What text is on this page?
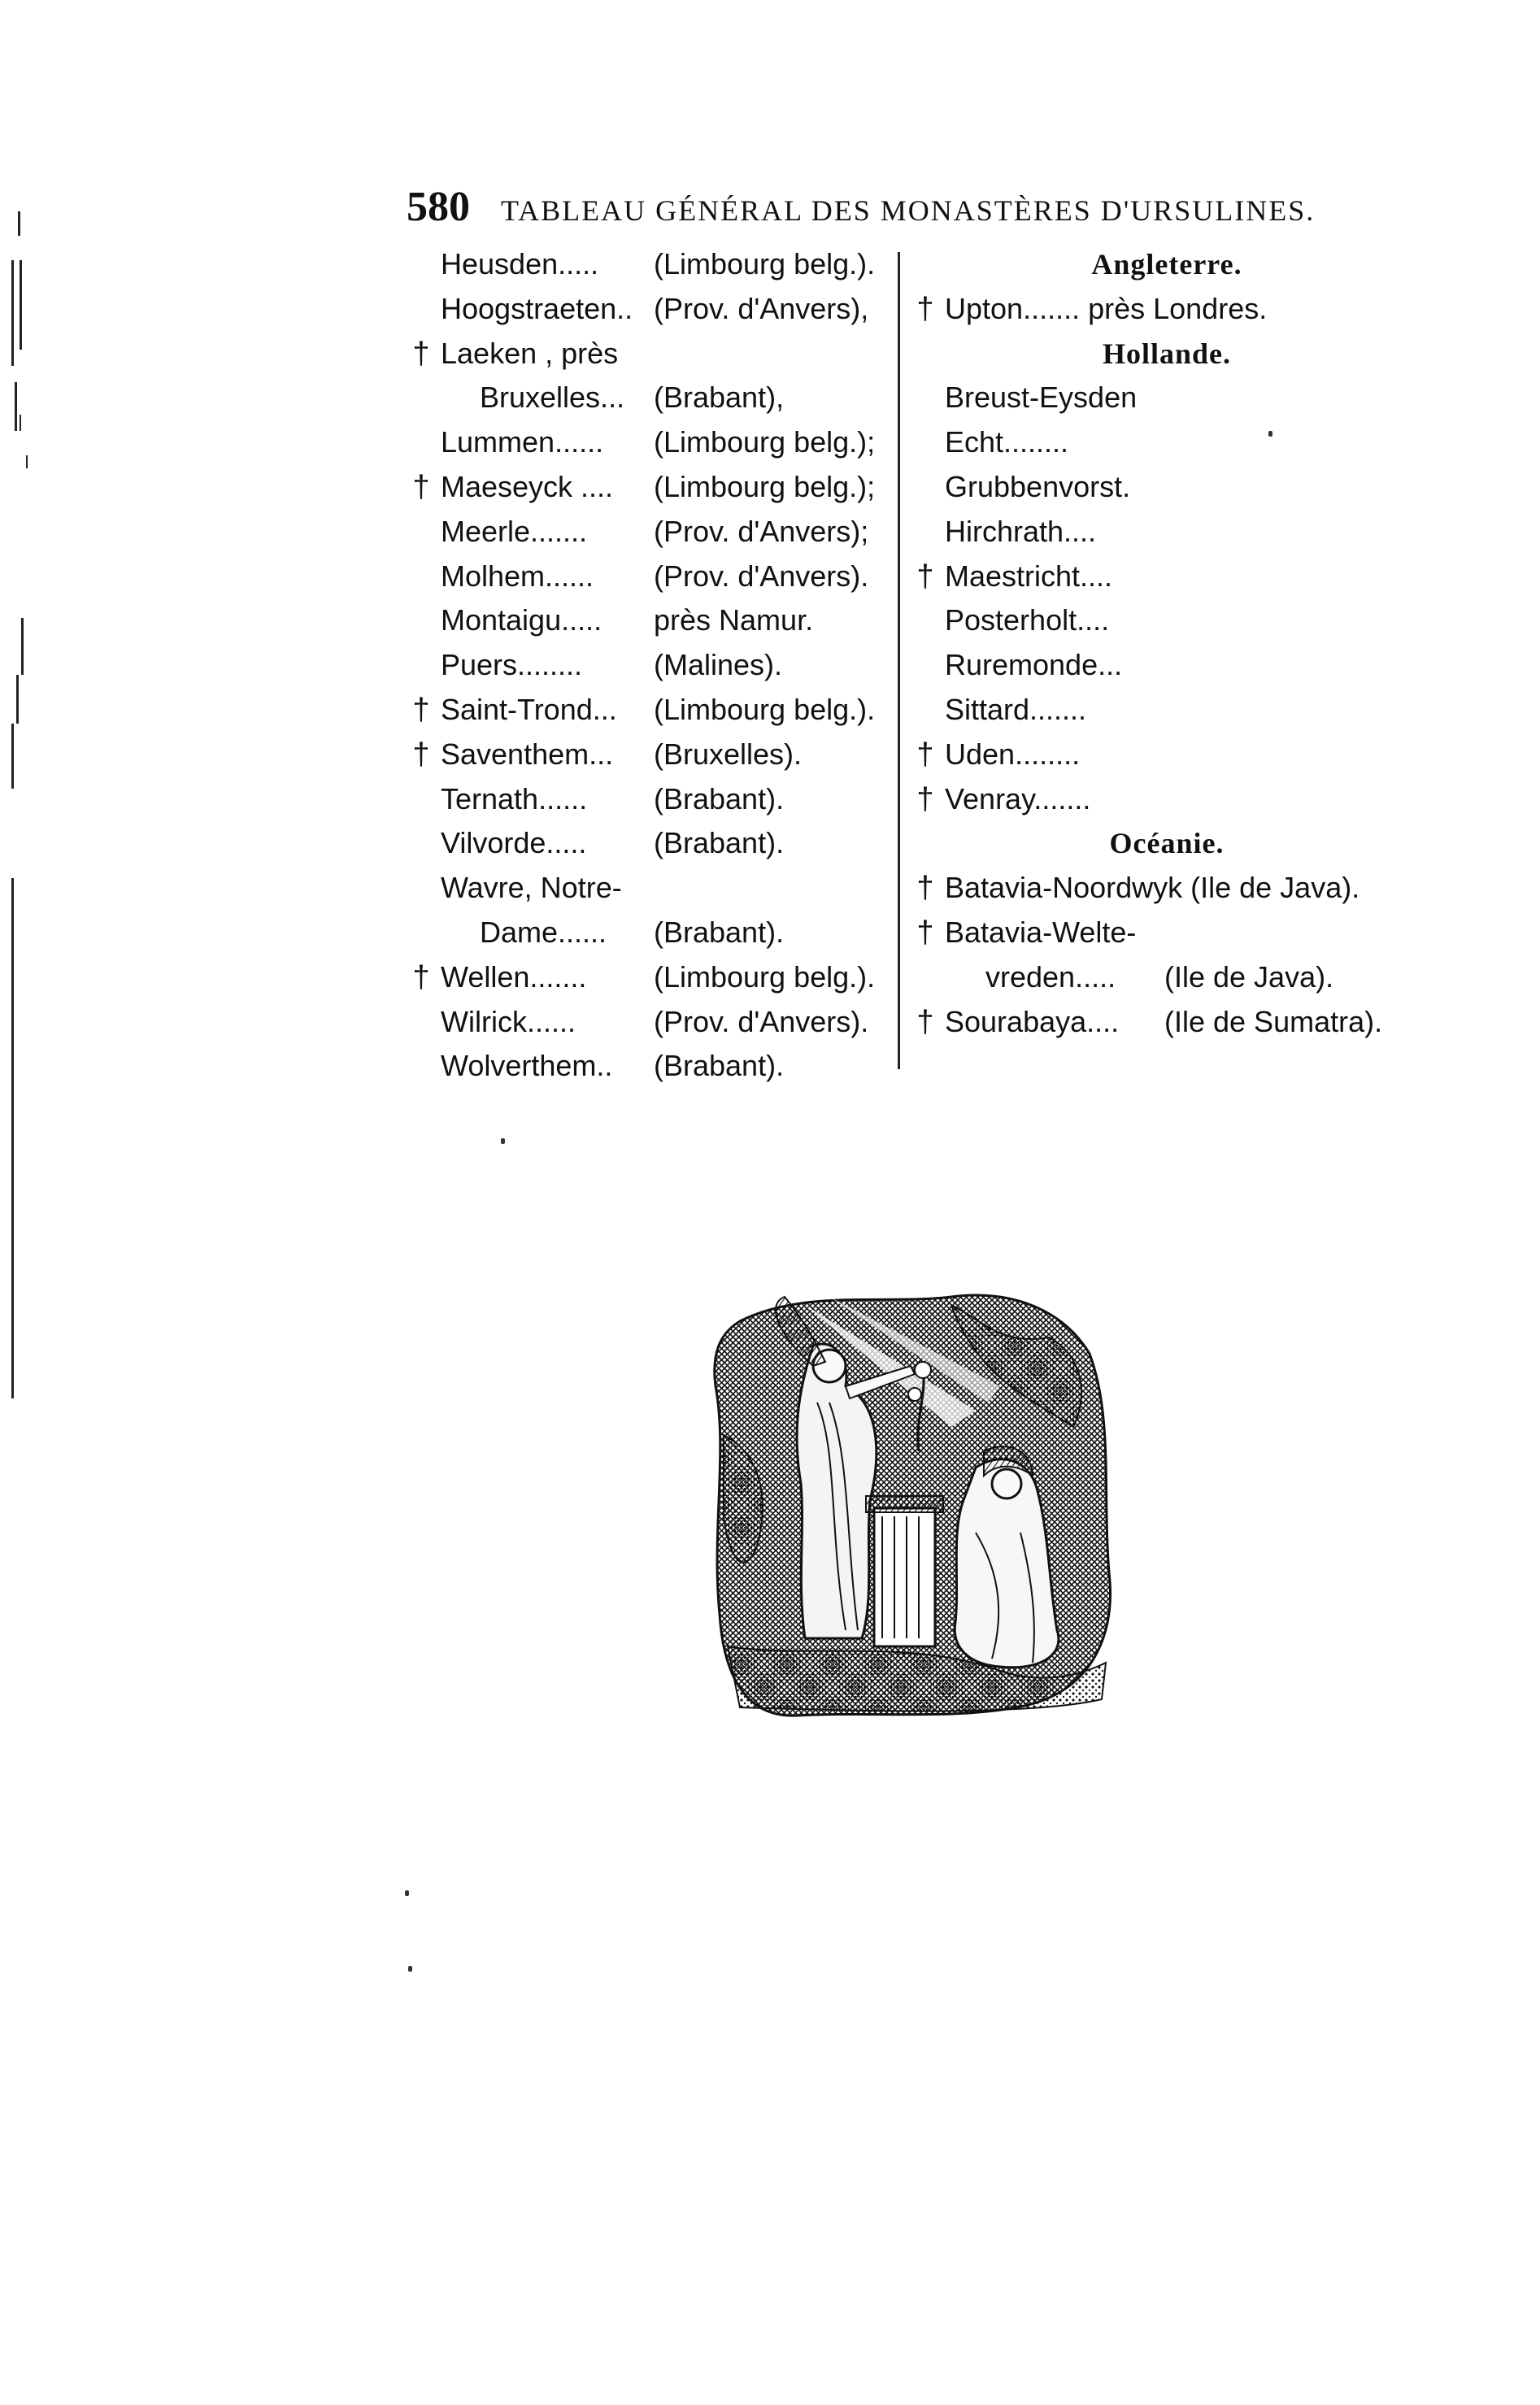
580 TABLEAU GÉNÉRAL DES MONASTÈRES D'URSULINES.
Heusden..... (Limbourg belg.).
Hoogstraeten.. (Prov. d'Anvers),
† Laeken , près
Bruxelles... (Brabant),
Lummen...... (Limbourg belg.);
† Maeseyck .... (Limbourg belg.);
Meerle....... (Prov. d'Anvers);
Molhem...... (Prov. d'Anvers).
Montaigu..... près Namur.
Puers........ (Malines).
† Saint-Trond... (Limbourg belg.).
† Saventhem... (Bruxelles).
Ternath...... (Brabant).
Vilvorde..... (Brabant).
Wavre, Notre-
Dame...... (Brabant).
† Wellen....... (Limbourg belg.).
Wilrick......	(Prov. d'Anvers).
Wolverthem.. (Brabant).
Angleterre.
† Upton....... près Londres.
Hollande.
Breust-Eysden
Echt........
Grubbenvorst.
Hirchrath....
† Maestricht....
Posterholt....
Ruremonde...
Sittard.......
† Uden........
† Venray.......
Océanie.
† Batavia-Noordwyk (Ile de Java).
† Batavia-Welte-
vreden..... (Ile de Java).
† Sourabaya.... (Ile de Sumatra).
